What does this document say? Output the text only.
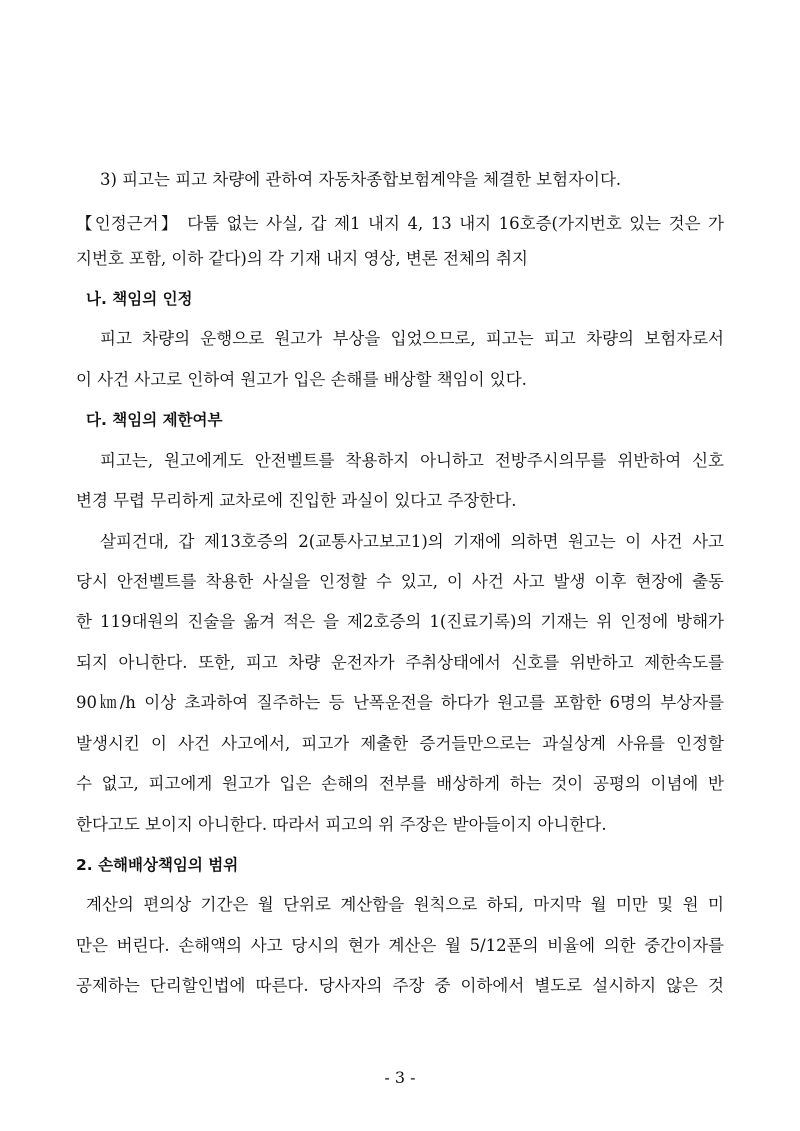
3) 피고는 피고 차량에 관하여 자동차종합보험계약을 체결한 보험자이다.
【인정근거】 다툼 없는 사실, 갑 제1 내지 4, 13 내지 16호증(가지번호 있는 것은 가
지번호 포함, 이하 같다)의 각 기재 내지 영상, 변론 전체의 취지
나. 책임의 인정
피고 차량의 운행으로 원고가 부상을 입었으므로, 피고는 피고 차량의 보험자로서
이 사건 사고로 인하여 원고가 입은 손해를 배상할 책임이 있다.
다. 책임의 제한여부
피고는, 원고에게도 안전벨트를 착용하지 아니하고 전방주시의무를 위반하여 신호
변경 무렵 무리하게 교차로에 진입한 과실이 있다고 주장한다.
살피건대, 갑 제13호증의 2(교통사고보고1)의 기재에 의하면 원고는 이 사건 사고
당시 안전벨트를 착용한 사실을 인정할 수 있고, 이 사건 사고 발생 이후 현장에 출동
한 119대원의 진술을 옮겨 적은 을 제2호증의 1(진료기록)의 기재는 위 인정에 방해가
되지 아니한다. 또한, 피고 차량 운전자가 주취상태에서 신호를 위반하고 제한속도를
90㎞/h 이상 초과하여 질주하는 등 난폭운전을 하다가 원고를 포함한 6명의 부상자를
발생시킨 이 사건 사고에서, 피고가 제출한 증거들만으로는 과실상계 사유를 인정할
수 없고, 피고에게 원고가 입은 손해의 전부를 배상하게 하는 것이 공평의 이념에 반
한다고도 보이지 아니한다. 따라서 피고의 위 주장은 받아들이지 아니한다.
2. 손해배상책임의 범위
계산의 편의상 기간은 월 단위로 계산함을 원칙으로 하되, 마지막 월 미만 및 원 미
만은 버린다. 손해액의 사고 당시의 현가 계산은 월 5/12푼의 비율에 의한 중간이자를
공제하는 단리할인법에 따른다. 당사자의 주장 중 이하에서 별도로 설시하지 않은 것
- 3 -
